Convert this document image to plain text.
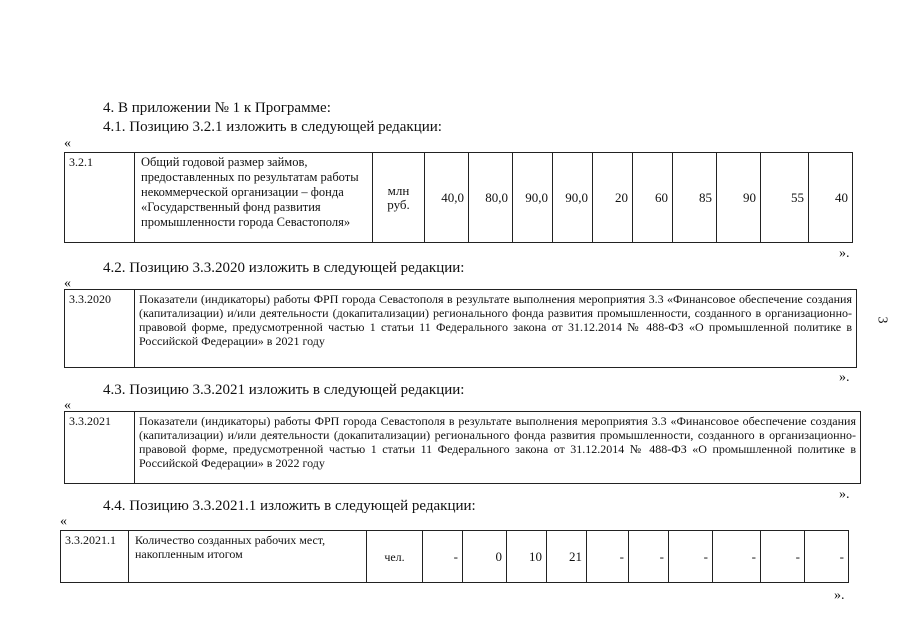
3
4. В приложении № 1 к Программе:
4.1. Позицию 3.2.1 изложить в следующей редакции:
«
3.2.1	Общий годовой размер займов, предоставленных по результатам работы некоммерческой организации – фонда «Государственный фонд развития промышленности города Севастополя»	млн руб.	40,0	80,0	90,0	90,0	20	60	85	90	55	40
».
4.2. Позицию 3.3.2020 изложить в следующей редакции:
«
3.3.2020	Показатели (индикаторы) работы ФРП города Севастополя в результате выполнения мероприятия 3.3 «Финансовое обеспечение создания (капитализации) и/или деятельности (докапитализации) регионального фонда развития промышленности, созданного в организационно-правовой форме, предусмотренной частью 1 статьи 11 Федерального закона от 31.12.2014 № 488-ФЗ «О промышленной политике в Российской Федерации» в 2021 году
».
4.3. Позицию 3.3.2021 изложить в следующей редакции:
«
3.3.2021	Показатели (индикаторы) работы ФРП города Севастополя в результате выполнения мероприятия 3.3 «Финансовое обеспечение создания (капитализации) и/или деятельности (докапитализации) регионального фонда развития промышленности, созданного в организационно-правовой форме, предусмотренной частью 1 статьи 11 Федерального закона от 31.12.2014 № 488-ФЗ «О промышленной политике в Российской Федерации» в 2022 году
».
4.4. Позицию 3.3.2021.1 изложить в следующей редакции:
«
3.3.2021.1	Количество созданных рабочих мест, накопленным итогом	чел.	-	0	10	21	-	-	-	-	-	-
».
